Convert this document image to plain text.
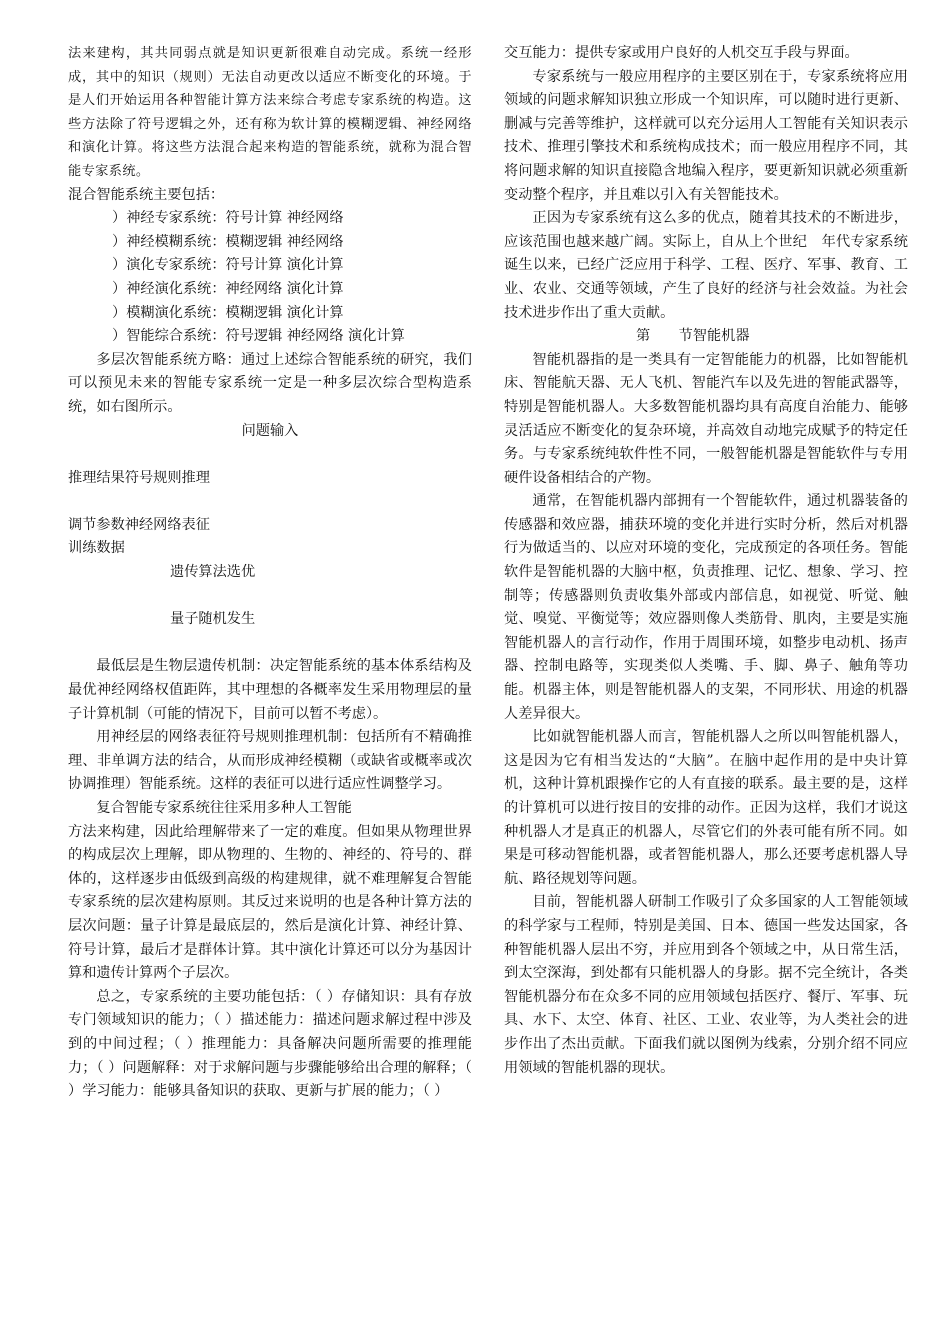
法来建构，其共同弱点就是知识更新很难自动完成。系统一经形成，其中的知识（规则）无法自动更改以适应不断变化的环境。于是人们开始运用各种智能计算方法来综合考虑专家系统的构造。这些方法除了符号逻辑之外，还有称为软计算的模糊逻辑、神经网络和演化计算。将这些方法混合起来构造的智能系统，就称为混合智能专家系统。

混合智能系统主要包括：

）神经专家系统：符号计算 神经网络

）神经模糊系统：模糊逻辑 神经网络

）演化专家系统：符号计算 演化计算

）神经演化系统：神经网络 演化计算

）模糊演化系统：模糊逻辑 演化计算

）智能综合系统：符号逻辑 神经网络 演化计算

多层次智能系统方略：通过上述综合智能系统的研究，我们可以预见未来的智能专家系统一定是一种多层次综合型构造系统，如右图所示。

问题输入

推理结果符号规则推理

调节参数神经网络表征

训练数据

遗传算法选优

量子随机发生

最低层是生物层遗传机制：决定智能系统的基本体系结构及最优神经网络权值距阵，其中理想的各概率发生采用物理层的量子计算机制（可能的情况下，目前可以暂不考虑）。

用神经层的网络表征符号规则推理机制：包括所有不精确推理、非单调方法的结合，从而形成神经模糊（或缺省或概率或次协调推理）智能系统。这样的表征可以进行适应性调整学习。

复合智能专家系统往往采用多种人工智能

方法来构建，因此给理解带来了一定的难度。但如果从物理世界的构成层次上理解，即从物理的、生物的、神经的、符号的、群体的，这样逐步由低级到高级的构建规律，就不难理解复合智能专家系统的层次建构原则。其反过来说明的也是各种计算方法的层次问题：量子计算是最底层的，然后是演化计算、神经计算、符号计算，最后才是群体计算。其中演化计算还可以分为基因计算和遗传计算两个子层次。

总之，专家系统的主要功能包括：（ ）存储知识：具有存放专门领域知识的能力；（ ）描述能力：描述问题求解过程中涉及到的中间过程；（ ）推理能力：具备解决问题所需要的推理能力；（ ）问题解释：对于求解问题与步骤能够给出合理的解释；（ ）学习能力：能够具备知识的获取、更新与扩展的能力；（ ）

交互能力：提供专家或用户良好的人机交互手段与界面。

专家系统与一般应用程序的主要区别在于，专家系统将应用领域的问题求解知识独立形成一个知识库，可以随时进行更新、删减与完善等维护，这样就可以充分运用人工智能有关知识表示技术、推理引擎技术和系统构成技术；而一般应用程序不同，其将问题求解的知识直接隐含地编入程序，要更新知识就必须重新变动整个程序，并且难以引入有关智能技术。

正因为专家系统有这么多的优点，随着其技术的不断进步，应该范围也越来越广阔。实际上，自从上个世纪　年代专家系统诞生以来，已经广泛应用于科学、工程、医疗、军事、教育、工业、农业、交通等领域，产生了良好的经济与社会效益。为社会技术进步作出了重大贡献。

第　　节智能机器

智能机器指的是一类具有一定智能能力的机器，比如智能机床、智能航天器、无人飞机、智能汽车以及先进的智能武器等，特别是智能机器人。大多数智能机器均具有高度自治能力、能够灵活适应不断变化的复杂环境，并高效自动地完成赋予的特定任务。与专家系统纯软件性不同，一般智能机器是智能软件与专用硬件设备相结合的产物。

通常，在智能机器内部拥有一个智能软件，通过机器装备的传感器和效应器，捕获环境的变化并进行实时分析，然后对机器行为做适当的、以应对环境的变化，完成预定的各项任务。智能软件是智能机器的大脑中枢，负责推理、记忆、想象、学习、控制等；传感器则负责收集外部或内部信息，如视觉、听觉、触觉、嗅觉、平衡觉等；效应器则像人类筋骨、肌肉，主要是实施智能机器人的言行动作，作用于周围环境，如整步电动机、扬声器、控制电路等，实现类似人类嘴、手、脚、鼻子、触角等功能。机器主体，则是智能机器人的支架，不同形状、用途的机器人差异很大。

比如就智能机器人而言，智能机器人之所以叫智能机器人，这是因为它有相当发达的“大脑”。在脑中起作用的是中央计算机，这种计算机跟操作它的人有直接的联系。最主要的是，这样的计算机可以进行按目的安排的动作。正因为这样，我们才说这种机器人才是真正的机器人，尽管它们的外表可能有所不同。如果是可移动智能机器，或者智能机器人，那么还要考虑机器人导航、路径规划等问题。

目前，智能机器人研制工作吸引了众多国家的人工智能领域的科学家与工程师，特别是美国、日本、德国一些发达国家，各种智能机器人层出不穷，并应用到各个领域之中，从日常生活，到太空深海，到处都有只能机器人的身影。据不完全统计，各类智能机器分布在众多不同的应用领域包括医疗、餐厅、军事、玩具、水下、太空、体育、社区、工业、农业等，为人类社会的进步作出了杰出贡献。下面我们就以图例为线索，分别介绍不同应用领域的智能机器的现状。
